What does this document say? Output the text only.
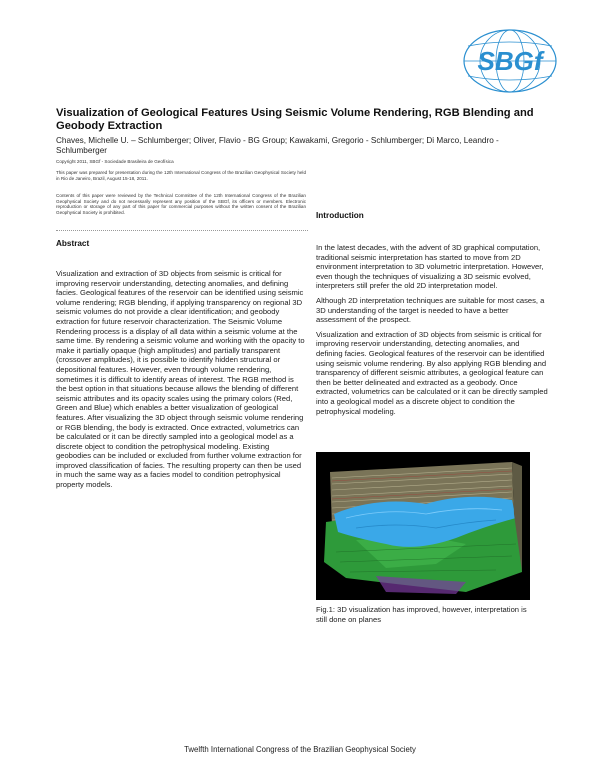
SBGf
Visualization of Geological Features Using Seismic Volume Rendering, RGB Blending and Geobody Extraction
Chaves, Michelle U. – Schlumberger; Oliver, Flavio - BG Group; Kawakami, Gregorio - Schlumberger; Di Marco, Leandro - Schlumberger
Copyright 2011, SBGf - Sociedade Brasileira de Geofísica
This paper was prepared for presentation during the 12th International Congress of the Brazilian Geophysical Society held in Rio de Janeiro, Brazil, August 15-18, 2011.
Contents of this paper were reviewed by the Technical Committee of the 12th International Congress of the Brazilian Geophysical Society and do not necessarily represent any position of the SBGf, its officers or members. Electronic reproduction or storage of any part of this paper for commercial purposes without the written consent of the Brazilian Geophysical Society is prohibited.
Abstract
Visualization and extraction of 3D objects from seismic is critical for improving reservoir understanding, detecting anomalies, and defining facies. Geological features of the reservoir can be identified using seismic volume rendering; RGB blending, if applying transparency on regional 3D seismic volumes do not provide a clear identification; and geobody extraction for future reservoir characterization. The Seismic Volume Rendering process is a display of all data within a seismic volume at the same time. By rendering a seismic volume and working with the opacity to make it partially opaque (high amplitudes) and partially transparent (crossover amplitudes), it is possible to identify hidden structural or depositional features. However, even through volume rendering, sometimes it is difficult to identify areas of interest. The RGB method is the best option in that situations because allows the blending of different seismic attributes and its opacity scales using the primary colors (Red, Green and Blue) which enables a better visualization of geological features. After visualizing the 3D object through seismic volume rendering or RGB blending, the body is extracted. Once extracted, volumetrics can be calculated or it can be directly sampled into a geological model as a discrete object to condition the petrophysical modeling. Existing geobodies can be included or excluded from further volume extraction for improved classification of facies. The resulting property can then be used in much the same way as a facies model to condition petrophysical property models.
Introduction

In the latest decades, with the advent of 3D graphical computation, traditional seismic interpretation has started to move from 2D environment interpretation to 3D volumetric interpretation. However, even though the techniques of visualizing a 3D seismic evolved, interpreters still prefer the old 2D interpretation model.

Although 2D interpretation techniques are suitable for most cases, a 3D understanding of the target is needed to have a better assessment of the prospect.

Visualization and extraction of 3D objects from seismic is critical for improving reservoir understanding, detecting anomalies, and defining facies. Geological features of the reservoir can be identified using seismic volume rendering. By also applying RGB blending and transparency of different seismic attributes, a geological feature can then be better delineated and extracted as a geobody. Once extracted, volumetrics can be calculated or it can be directly sampled into a geological model as a discrete object to condition the petrophysical modeling.

Fig.1: 3D visualization has improved, however, interpretation is still done on planes
Twelfth International Congress of the Brazilian Geophysical Society
